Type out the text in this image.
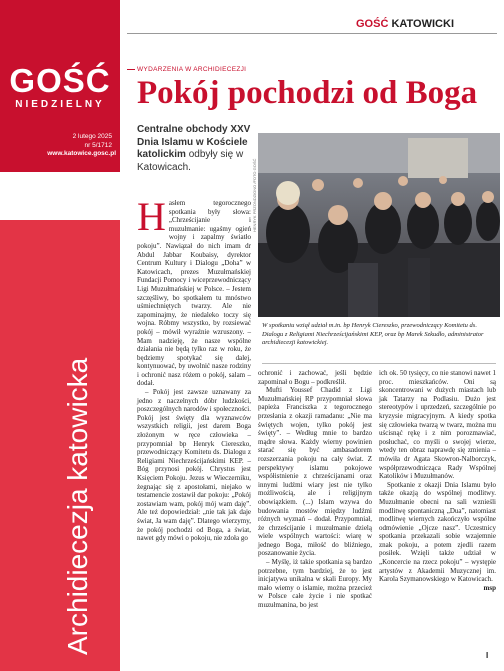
GOŚĆ
NIEDZIELNY
2 lutego 2025
nr 5/1712
www.katowice.gosc.pl
Archidiecezja katowicka
GOŚĆ KATOWICKI
WYDARZENIA W ARCHIDIECEZJI
Pokój pochodzi od Boga
Centralne obchody XXV Dnia Islamu w Kościele katolickim odbyły się w Katowicach.	HENRYK PRZONDZIONO /FOTO GOŚĆ
W spotkaniu wziął udział m.in. bp Henryk Ciereszko, przewodniczący Komitetu ds. Dialogu z Religiami Niechrześcijańskimi KEP, oraz bp Marek Szkudło, administrator archidiecezji katowickiej.
H asłem tegorocznego spotkania były słowa: „Chrześcijanie i muzułmanie: ugaśmy ogień wojny i zapalmy światło pokoju”. Nawiązał do nich imam dr Abdul Jabbar Koubaisy, dyrektor Centrum Kultury i Dialogu „Doha” w Katowicach, prezes Muzułmańskiej Fundacji Pomocy i wiceprzewodniczący Ligi Muzułmańskiej w Polsce. – Jestem szczęśliwy, bo spotkałem tu mnóstwo uśmiechniętych twarzy. Ale nie zapominajmy, że niedaleko toczy się wojna. Róbmy wszystko, by rozsiewać pokój – mówił wyraźnie wzruszony. – Mam nadzieję, że nasze wspólne działania nie będą tylko raz w roku, że będziemy spotykać się dalej, kontynuować, by uwolnić nasze rodziny i ochronić nasz różem o pokój, salam – dodał.

– Pokój jest zawsze uznawany za jedno z naczelnych dóbr ludzkości, poszczególnych narodów i społeczności. Pokój jest święty dla wyznawców wszystkich religii, jest darem Boga złożonym w ręce człowieka – przypomniał bp Henryk Ciereszko, przewodniczący Komitetu ds. Dialogu z Religiami Niechrześcijańskimi KEP. – Bóg przynosi pokój. Chrystus jest Księciem Pokoju. Jezus w Wieczerniku, żegnając się z apostołami, niejako w testamencie zostawił dar pokoju: „Pokój zostawiam wam, pokój mój wam daję”. Ale też dopowiedział: „nie tak jak daje świat, Ja wam daję”. Dlatego wierzymy, że pokój pochodzi od Boga, a świat, nawet gdy mówi o pokoju, nie zdoła go

ochronić i zachować, jeśli będzie zapominał o Bogu – podkreślił.

Mufti Youssef Chadid z Ligi Muzułmańskiej RP przypomniał słowa papieża Franciszka z tegorocznego przesłania z okazji ramadanu: „Nie ma świętych wojen, tylko pokój jest święty”. – Według mnie to bardzo mądre słowa. Każdy wierny powinien starać się być ambasadorem rozszerzania pokoju na cały świat. Z perspektywy islamu pokojowe współistnienie z chrześcijanami oraz innymi ludźmi wiary jest nie tylko możliwością, ale i religijnym obowiązkiem. (...) Islam wzywa do budowania mostów między ludźmi różnych wyznań – dodał. Przypomniał, że chrześcijanie i muzułmanie dzielą wiele wspólnych wartości: wiarę w jednego Boga, miłość do bliźniego, poszanowanie życia.

– Myślę, iż takie spotkania są bardzo potrzebne, tym bardziej, że to jest inicjatywa unikalna w skali Europy. My mało wiemy o islamie, można przecież w Polsce całe życie i nie spotkać muzułmanina, bo jest

ich ok. 50 tysięcy, co nie stanowi nawet 1 proc. mieszkańców. Oni są skoncentrowani w dużych miastach lub jak Tatarzy na Podlasiu. Dużo jest stereotypów i uprzedzeń, szczególnie po kryzysie migracyjnym. A kiedy spotka się człowieka twarzą w twarz, można mu uścisnąć rękę i z nim porozmawiać, posłuchać, co myśli o swojej wierze, wtedy ten obraz naprawdę się zmienia – mówiła dr Agata Skowron-Nalborczyk, współprzewodnicząca Rady Wspólnej Katolików i Muzułmanów.

Spotkanie z okazji Dnia Islamu było także okazją do wspólnej modlitwy. Muzułmanie obecni na sali wznieśli modlitwę spontaniczną „Dua”, natomiast modlitwę wiernych zakończyło wspólne odmówienie „Ojcze nasz”. Uczestnicy spotkania przekazali sobie wzajemnie znak pokoju, a potem zjedli razem posiłek. Wzięli także udział w „Koncercie na rzecz pokoju” – występie artystów z Akademii Muzycznej im. Karola Szymanowskiego w Katowicach.

msp

I
